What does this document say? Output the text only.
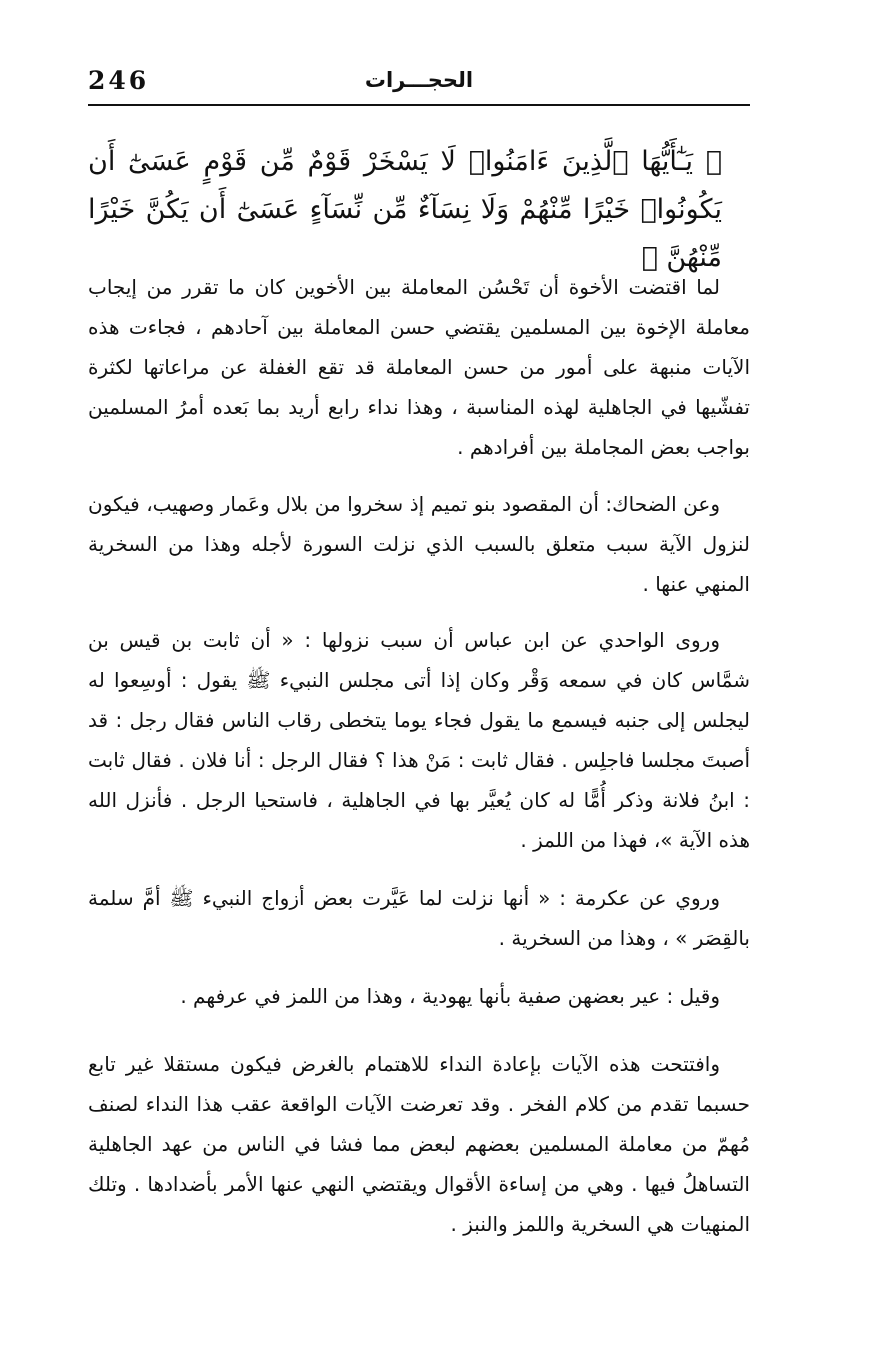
246	الحجـــرات
﴿ يَـٰٓأَيُّهَا ٱلَّذِينَ ءَامَنُوا۟ لَا يَسْخَرْ قَوْمٌ مِّن قَوْمٍ عَسَىٰٓ أَن يَكُونُوا۟ خَيْرًا مِّنْهُمْ وَلَا نِسَآءٌ مِّن نِّسَآءٍ عَسَىٰٓ أَن يَكُنَّ خَيْرًا مِّنْهُنَّ ﴾

لما اقتضت الأخوة أن تَحْسُن المعاملة بين الأخوين كان ما تقرر من إيجاب معاملة الإخوة بين المسلمين يقتضي حسن المعاملة بين آحادهم ، فجاءت هذه الآيات منبهة على أمور من حسن المعاملة قد تقع الغفلة عن مراعاتها لكثرة تفشّيها في الجاهلية لهذه المناسبة ، وهذا نداء رابع أريد بما بَعده أمرُ المسلمين بواجب بعض المجاملة بين أفرادهم .

وعن الضحاك: أن المقصود بنو تميم إذ سخروا من بلال وعَمار وصهيب، فيكون لنزول الآية سبب متعلق بالسبب الذي نزلت السورة لأجله وهذا من السخرية المنهي عنها .

وروى الواحدي عن ابن عباس أن سبب نزولها : « أن ثابت بن قيس بن شمَّاس كان في سمعه وَقْر وكان إذا أتى مجلس النبيء ﷺ يقول : أوسِعوا له ليجلس إلى جنبه فيسمع ما يقول فجاء يوما يتخطى رقاب الناس فقال رجل : قد أصبتَ مجلسا فاجلِس . فقال ثابت : مَنْ هذا ؟ فقال الرجل : أنا فلان . فقال ثابت : ابنُ فلانة وذكر أُمًّا له كان يُعيَّر بها في الجاهلية ، فاستحيا الرجل . فأنزل الله هذه الآية »، فهذا من اللمز .

وروي عن عكرمة : « أنها نزلت لما عَيَّرت بعض أزواج النبيء ﷺ أمَّ سلمة بالقِصَر » ، وهذا من السخرية .

وقيل : عير بعضهن صفية بأنها يهودية ، وهذا من اللمز في عرفهم .

وافتتحت هذه الآيات بإعادة النداء للاهتمام بالغرض فيكون مستقلا غير تابع حسبما تقدم من كلام الفخر . وقد تعرضت الآيات الواقعة عقب هذا النداء لصنف مُهمّ من معاملة المسلمين بعضهم لبعض مما فشا في الناس من عهد الجاهلية التساهلُ فيها . وهي من إساءة الأقوال ويقتضي النهي عنها الأمر بأضدادها . وتلك المنهيات هي السخرية واللمز والنبز .
